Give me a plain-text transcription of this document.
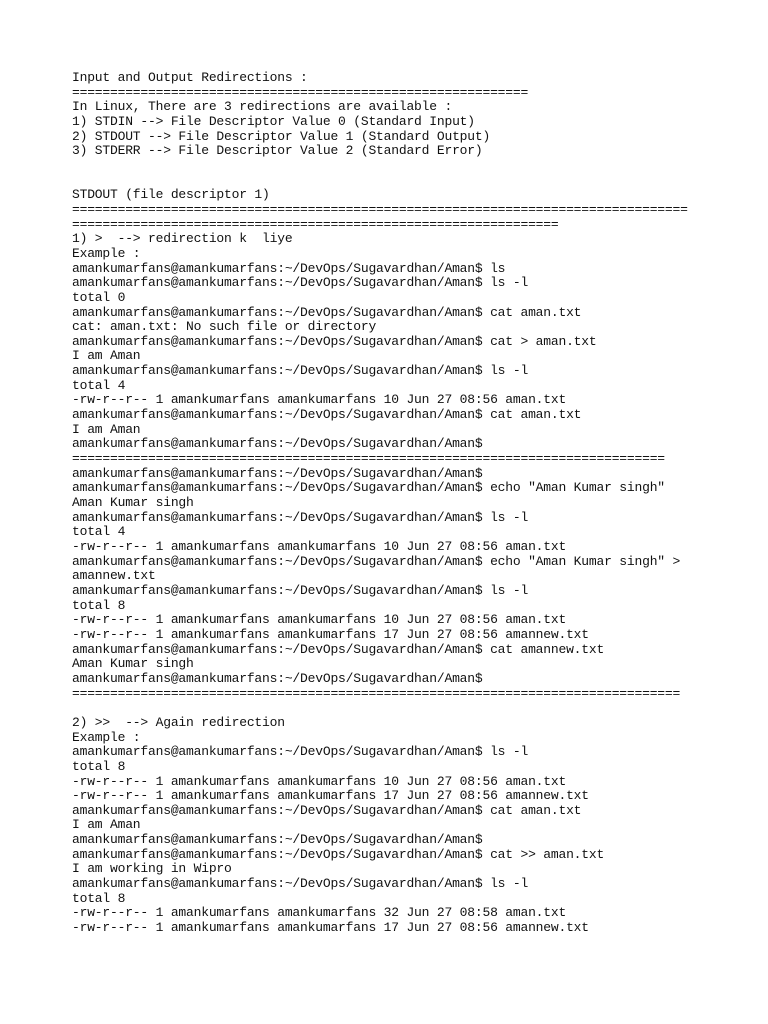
Input and Output Redirections :
============================================================
In Linux, There are 3 redirections are available :
1) STDIN --> File Descriptor Value 0 (Standard Input)
2) STDOUT --> File Descriptor Value 1 (Standard Output)
3) STDERR --> File Descriptor Value 2 (Standard Error)
STDOUT (file descriptor 1)
=================================================================================
================================================================
1) >  --> redirection k  liye
Example :
amankumarfans@amankumarfans:~/DevOps/Sugavardhan/Aman$ ls
amankumarfans@amankumarfans:~/DevOps/Sugavardhan/Aman$ ls -l
total 0
amankumarfans@amankumarfans:~/DevOps/Sugavardhan/Aman$ cat aman.txt
cat: aman.txt: No such file or directory
amankumarfans@amankumarfans:~/DevOps/Sugavardhan/Aman$ cat > aman.txt
I am Aman
amankumarfans@amankumarfans:~/DevOps/Sugavardhan/Aman$ ls -l
total 4
-rw-r--r-- 1 amankumarfans amankumarfans 10 Jun 27 08:56 aman.txt
amankumarfans@amankumarfans:~/DevOps/Sugavardhan/Aman$ cat aman.txt
I am Aman
amankumarfans@amankumarfans:~/DevOps/Sugavardhan/Aman$
==============================================================================
amankumarfans@amankumarfans:~/DevOps/Sugavardhan/Aman$
amankumarfans@amankumarfans:~/DevOps/Sugavardhan/Aman$ echo "Aman Kumar singh"
Aman Kumar singh
amankumarfans@amankumarfans:~/DevOps/Sugavardhan/Aman$ ls -l
total 4
-rw-r--r-- 1 amankumarfans amankumarfans 10 Jun 27 08:56 aman.txt
amankumarfans@amankumarfans:~/DevOps/Sugavardhan/Aman$ echo "Aman Kumar singh" >
amannew.txt
amankumarfans@amankumarfans:~/DevOps/Sugavardhan/Aman$ ls -l
total 8
-rw-r--r-- 1 amankumarfans amankumarfans 10 Jun 27 08:56 aman.txt
-rw-r--r-- 1 amankumarfans amankumarfans 17 Jun 27 08:56 amannew.txt
amankumarfans@amankumarfans:~/DevOps/Sugavardhan/Aman$ cat amannew.txt
Aman Kumar singh
amankumarfans@amankumarfans:~/DevOps/Sugavardhan/Aman$
================================================================================
2) >>  --> Again redirection
Example :
amankumarfans@amankumarfans:~/DevOps/Sugavardhan/Aman$ ls -l
total 8
-rw-r--r-- 1 amankumarfans amankumarfans 10 Jun 27 08:56 aman.txt
-rw-r--r-- 1 amankumarfans amankumarfans 17 Jun 27 08:56 amannew.txt
amankumarfans@amankumarfans:~/DevOps/Sugavardhan/Aman$ cat aman.txt
I am Aman
amankumarfans@amankumarfans:~/DevOps/Sugavardhan/Aman$
amankumarfans@amankumarfans:~/DevOps/Sugavardhan/Aman$ cat >> aman.txt
I am working in Wipro
amankumarfans@amankumarfans:~/DevOps/Sugavardhan/Aman$ ls -l
total 8
-rw-r--r-- 1 amankumarfans amankumarfans 32 Jun 27 08:58 aman.txt
-rw-r--r-- 1 amankumarfans amankumarfans 17 Jun 27 08:56 amannew.txt
